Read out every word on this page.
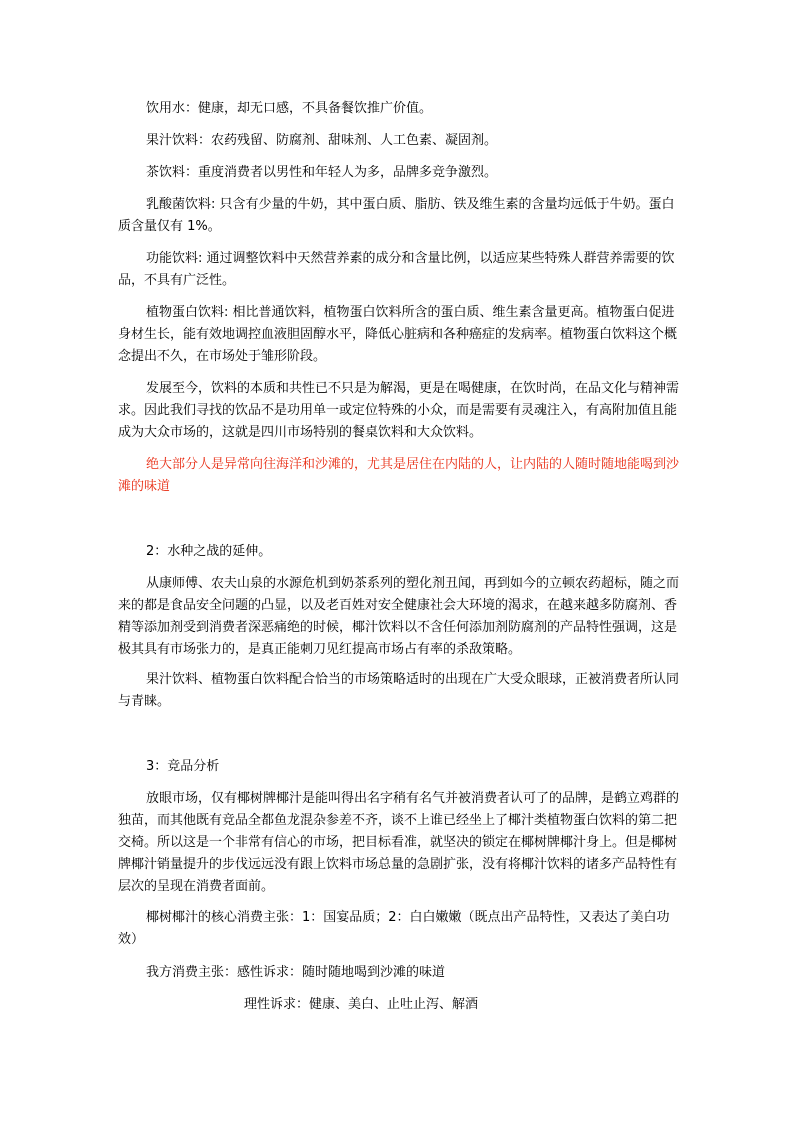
饮用水：健康，却无口感，不具备餐饮推广价值。

果汁饮料：农药残留、防腐剂、甜味剂、人工色素、凝固剂。

茶饮料：重度消费者以男性和年轻人为多，品牌多竞争激烈。

乳酸菌饮料: 只含有少量的牛奶，其中蛋白质、脂肪、铁及维生素的含量均远低于牛奶。蛋白质含量仅有 1%。

功能饮料: 通过调整饮料中天然营养素的成分和含量比例，以适应某些特殊人群营养需要的饮品，不具有广泛性。

植物蛋白饮料: 相比普通饮料，植物蛋白饮料所含的蛋白质、维生素含量更高。植物蛋白促进身材生长，能有效地调控血液胆固醇水平，降低心脏病和各种癌症的发病率。植物蛋白饮料这个概念提出不久，在市场处于雏形阶段。

发展至今，饮料的本质和共性已不只是为解渴，更是在喝健康，在饮时尚，在品文化与精神需求。因此我们寻找的饮品不是功用单一或定位特殊的小众，而是需要有灵魂注入，有高附加值且能成为大众市场的，这就是四川市场特别的餐桌饮料和大众饮料。

绝大部分人是异常向往海洋和沙滩的，尤其是居住在内陆的人，让内陆的人随时随地能喝到沙滩的味道

2：水种之战的延伸。

从康师傅、农夫山泉的水源危机到奶茶系列的塑化剂丑闻，再到如今的立顿农药超标，随之而来的都是食品安全问题的凸显，以及老百姓对安全健康社会大环境的渴求，在越来越多防腐剂、香精等添加剂受到消费者深恶痛绝的时候，椰汁饮料以不含任何添加剂防腐剂的产品特性强调，这是极其具有市场张力的，是真正能刺刀见红提高市场占有率的杀敌策略。

果汁饮料、植物蛋白饮料配合恰当的市场策略适时的出现在广大受众眼球，正被消费者所认同与青睐。

3：竞品分析

放眼市场，仅有椰树牌椰汁是能叫得出名字稍有名气并被消费者认可了的品牌，是鹤立鸡群的独苗，而其他既有竞品全都鱼龙混杂参差不齐，谈不上谁已经坐上了椰汁类植物蛋白饮料的第二把交椅。所以这是一个非常有信心的市场，把目标看准，就坚决的锁定在椰树牌椰汁身上。但是椰树牌椰汁销量提升的步伐远远没有跟上饮料市场总量的急剧扩张，没有将椰汁饮料的诸多产品特性有层次的呈现在消费者面前。

椰树椰汁的核心消费主张：1：国宴品质；2：白白嫩嫩（既点出产品特性，又表达了美白功效）

我方消费主张：感性诉求：随时随地喝到沙滩的味道

理性诉求：健康、美白、止吐止泻、解酒
